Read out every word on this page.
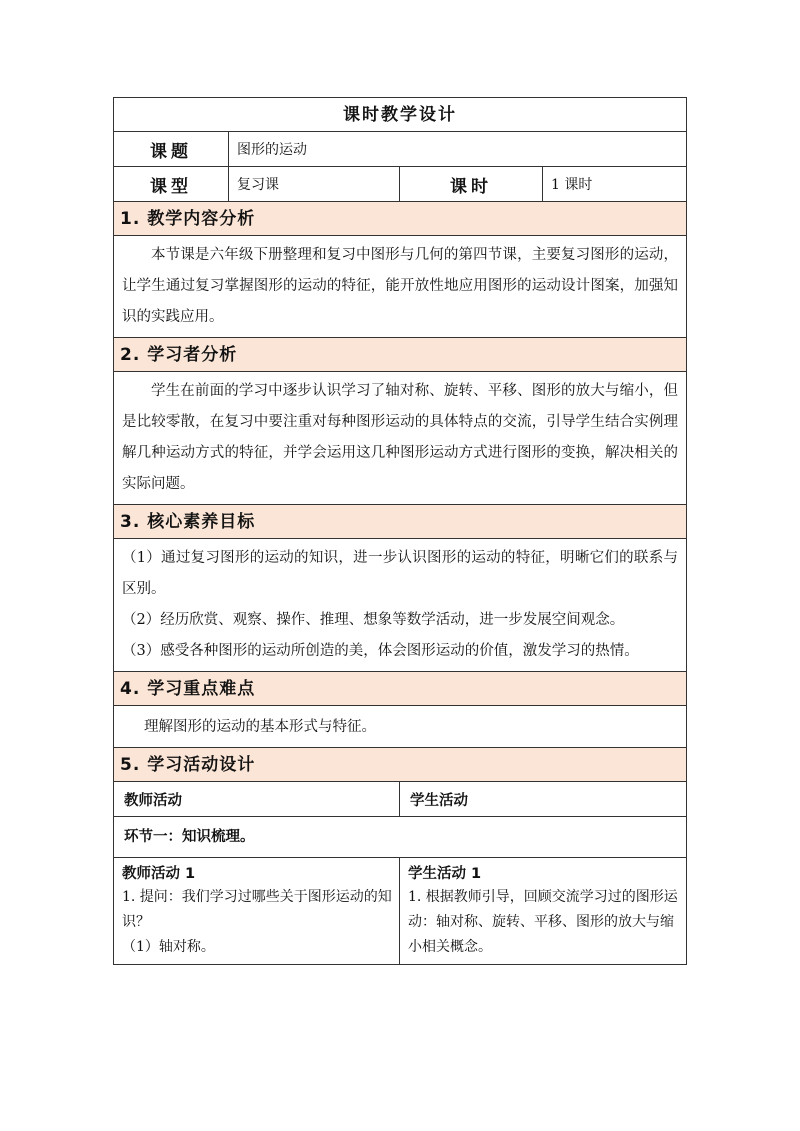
课时教学设计
课题	图形的运动
课型	复习课	课时	1 课时
1. 教学内容分析
本节课是六年级下册整理和复习中图形与几何的第四节课，主要复习图形的运动，让学生通过复习掌握图形的运动的特征，能开放性地应用图形的运动设计图案，加强知识的实践应用。
2. 学习者分析
学生在前面的学习中逐步认识学习了轴对称、旋转、平移、图形的放大与缩小，但是比较零散，在复习中要注重对每种图形运动的具体特点的交流，引导学生结合实例理解几种运动方式的特征，并学会运用这几种图形运动方式进行图形的变换，解决相关的实际问题。
3. 核心素养目标

（1）通过复习图形的运动的知识，进一步认识图形的运动的特征，明晰它们的联系与区别。

（2）经历欣赏、观察、操作、推理、想象等数学活动，进一步发展空间观念。

（3）感受各种图形的运动所创造的美，体会图形运动的价值，激发学习的热情。

4. 学习重点难点
理解图形的运动的基本形式与特征。
5. 学习活动设计
教师活动	学生活动
环节一：知识梳理。
教师活动 1
1. 提问：我们学习过哪些关于图形运动的知识？
（1）轴对称。
学生活动 1
1. 根据教师引导，回顾交流学习过的图形运动：轴对称、旋转、平移、图形的放大与缩小相关概念。
